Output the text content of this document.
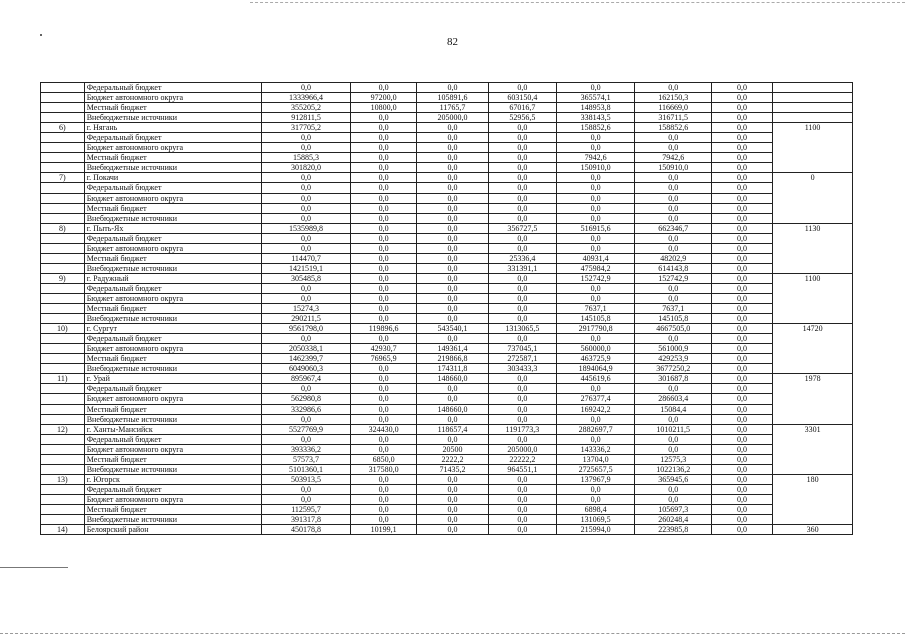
82
	Федеральный бюджет	0,0	0,0	0,0	0,0	0,0	0,0	0,0	
	Бюджет автономного округа	1333966,4	97200,0	105891,6	603150,4	365574,1	162150,3	0,0	
	Местный бюджет	355205,2	10800,0	11765,7	67016,7	148953,8	116669,0	0,0	
	Внебюджетные источники	912811,5	0,0	205000,0	52956,5	338143,5	316711,5	0,0	
6)	г. Нягань	317705,2	0,0	0,0	0,0	158852,6	158852,6	0,0	1100
	Федеральный бюджет	0,0	0,0	0,0	0,0	0,0	0,0	0,0	
	Бюджет автономного округа	0,0	0,0	0,0	0,0	0,0	0,0	0,0	
	Местный бюджет	15885,3	0,0	0,0	0,0	7942,6	7942,6	0,0	
	Внебюджетные источники	301820,0	0,0	0,0	0,0	150910,0	150910,0	0,0	
7)	г. Покачи	0,0	0,0	0,0	0,0	0,0	0,0	0,0	0
	Федеральный бюджет	0,0	0,0	0,0	0,0	0,0	0,0	0,0	
	Бюджет автономного округа	0,0	0,0	0,0	0,0	0,0	0,0	0,0	
	Местный бюджет	0,0	0,0	0,0	0,0	0,0	0,0	0,0	
	Внебюджетные источники	0,0	0,0	0,0	0,0	0,0	0,0	0,0	
8)	г. Пыть-Ях	1535989,8	0,0	0,0	356727,5	516915,6	662346,7	0,0	1130
	Федеральный бюджет	0,0	0,0	0,0	0,0	0,0	0,0	0,0	
	Бюджет автономного округа	0,0	0,0	0,0	0,0	0,0	0,0	0,0	
	Местный бюджет	114470,7	0,0	0,0	25336,4	40931,4	48202,9	0,0	
	Внебюджетные источники	1421519,1	0,0	0,0	331391,1	475984,2	614143,8	0,0	
9)	г. Радужный	305485,8	0,0	0,0	0,0	152742,9	152742,9	0,0	1100
	Федеральный бюджет	0,0	0,0	0,0	0,0	0,0	0,0	0,0	
	Бюджет автономного округа	0,0	0,0	0,0	0,0	0,0	0,0	0,0	
	Местный бюджет	15274,3	0,0	0,0	0,0	7637,1	7637,1	0,0	
	Внебюджетные источники	290211,5	0,0	0,0	0,0	145105,8	145105,8	0,0	
10)	г. Сургут	9561798,0	119896,6	543540,1	1313065,5	2917790,8	4667505,0	0,0	14720
	Федеральный бюджет	0,0	0,0	0,0	0,0	0,0	0,0	0,0	
	Бюджет автономного округа	2050338,1	42930,7	149361,4	737045,1	560000,0	561000,9	0,0	
	Местный бюджет	1462399,7	76965,9	219866,8	272587,1	463725,9	429253,9	0,0	
	Внебюджетные источники	6049060,3	0,0	174311,8	303433,3	1894064,9	3677250,2	0,0	
11)	г. Урай	895967,4	0,0	148660,0	0,0	445619,6	301687,8	0,0	1978
	Федеральный бюджет	0,0	0,0	0,0	0,0	0,0	0,0	0,0	
	Бюджет автономного округа	562980,8	0,0	0,0	0,0	276377,4	286603,4	0,0	
	Местный бюджет	332986,6	0,0	148660,0	0,0	169242,2	15084,4	0,0	
	Внебюджетные источники	0,0	0,0	0,0	0,0	0,0	0,0	0,0	
12)	г. Ханты-Мансийск	5527769,9	324430,0	118657,4	1191773,3	2882697,7	1010211,5	0,0	3301
	Федеральный бюджет	0,0	0,0	0,0	0,0	0,0	0,0	0,0	
	Бюджет автономного округа	393336,2	0,0	20500	205000,0	143336,2	0,0	0,0	
	Местный бюджет	57573,7	6850,0	2222,2	22222,2	13704,0	12575,3	0,0	
	Внебюджетные источники	5101360,1	317580,0	71435,2	964551,1	2725657,5	1022136,2	0,0	
13)	г. Югорск	503913,5	0,0	0,0	0,0	137967,9	365945,6	0,0	180
	Федеральный бюджет	0,0	0,0	0,0	0,0	0,0	0,0	0,0	
	Бюджет автономного округа	0,0	0,0	0,0	0,0	0,0	0,0	0,0	
	Местный бюджет	112595,7	0,0	0,0	0,0	6898,4	105697,3	0,0	
	Внебюджетные источники	391317,8	0,0	0,0	0,0	131069,5	260248,4	0,0	
14)	Белоярский район	450178,8	10199,1	0,0	0,0	215994,0	223985,8	0,0	360
